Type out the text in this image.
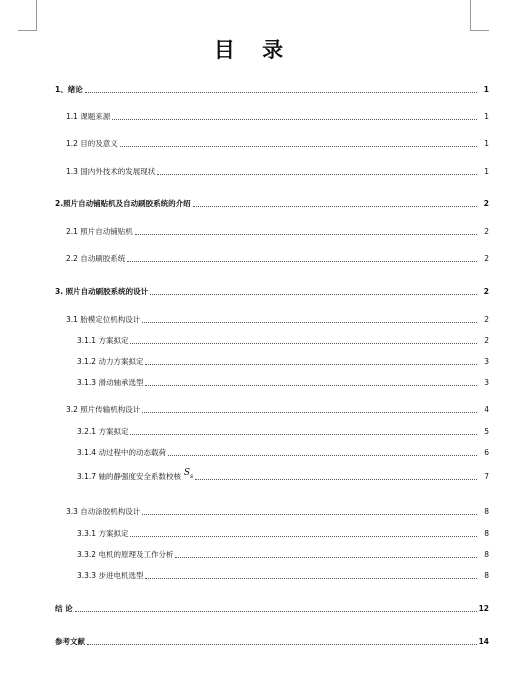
目 录
1、绪论	1
1.1 课题来源	1
1.2 目的及意义	1
1.3 国内外技术的发展现状	1
2.照片自动铺贴机及自动刷胶系统的介绍	2
2.1 照片自动铺贴机	2
2.2 自动刷胶系统	2
3. 照片自动刷胶系统的设计	2
3.1 胎模定位机构设计	2
3.1.1 方案拟定	2
3.1.2 动力方案拟定	3
3.1.3 滑动轴承选型	3
3.2 照片传输机构设计	4
3.2.1 方案拟定	5
3.1.4 动过程中的动态载荷	6
3.1.7 轴的静强度安全系数校核 $S_s$	7
3.3 自动涂胶机构设计	8
3.3.1 方案拟定	8
3.3.2 电机的原理及工作分析	8
3.3.3 步进电机选型	8
结 论	12
参考文献	14
